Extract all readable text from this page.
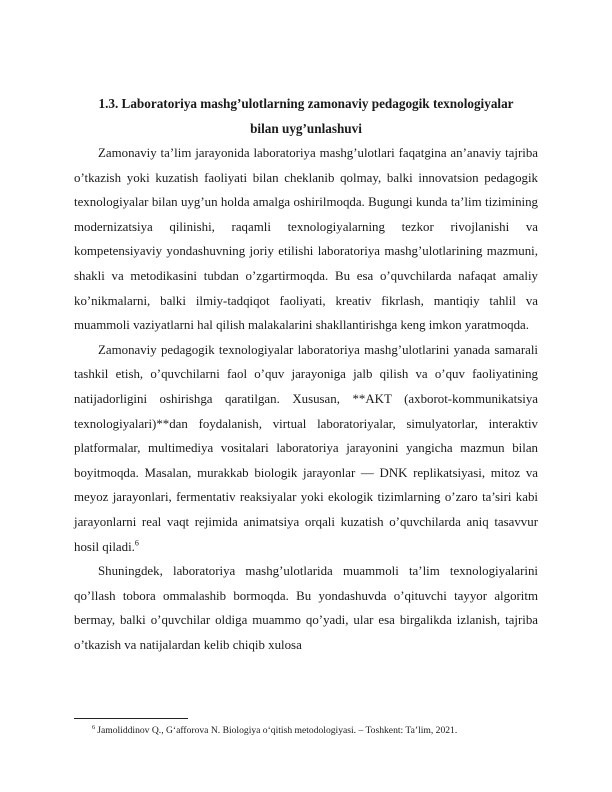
1.3. Laboratoriya mashg’ulotlarning zamonaviy pedagogik texnologiyalar
bilan uyg’unlashuvi

Zamonaviy ta’lim jarayonida laboratoriya mashg’ulotlari faqatgina an’anaviy tajriba o’tkazish yoki kuzatish faoliyati bilan cheklanib qolmay, balki innovatsion pedagogik texnologiyalar bilan uyg’un holda amalga oshirilmoqda. Bugungi kunda ta’lim tizimining modernizatsiya qilinishi, raqamli texnologiyalarning tezkor rivojlanishi va kompetensiyaviy yondashuvning joriy etilishi laboratoriya mashg’ulotlarining mazmuni, shakli va metodikasini tubdan o’zgartirmoqda. Bu esa o’quvchilarda nafaqat amaliy ko’nikmalarni, balki ilmiy-tadqiqot faoliyati, kreativ fikrlash, mantiqiy tahlil va muammoli vaziyatlarni hal qilish malakalarini shakllantirishga keng imkon yaratmoqda.

Zamonaviy pedagogik texnologiyalar laboratoriya mashg’ulotlarini yanada samarali tashkil etish, o’quvchilarni faol o’quv jarayoniga jalb qilish va o’quv faoliyatining natijadorligini oshirishga qaratilgan. Xususan, **AKT (axborot-kommunikatsiya texnologiyalari)**dan foydalanish, virtual laboratoriyalar, simulyatorlar, interaktiv platformalar, multimediya vositalari laboratoriya jarayonini yangicha mazmun bilan boyitmoqda. Masalan, murakkab biologik jarayonlar — DNK replikatsiyasi, mitoz va meyoz jarayonlari, fermentativ reaksiyalar yoki ekologik tizimlarning o’zaro ta’siri kabi jarayonlarni real vaqt rejimida animatsiya orqali kuzatish o’quvchilarda aniq tasavvur hosil qiladi.$^6$

Shuningdek, laboratoriya mashg’ulotlarida muammoli ta’lim texnologiyalarini qo’llash tobora ommalashib bormoqda. Bu yondashuvda o’qituvchi tayyor algoritm bermay, balki o’quvchilar oldiga muammo qo’yadi, ular esa birgalikda izlanish, tajriba o’tkazish va natijalardan kelib chiqib xulosa

$^6$ Jamoliddinov Q., G‘afforova N. Biologiya o‘qitish metodologiyasi. – Toshkent: Ta’lim, 2021.
